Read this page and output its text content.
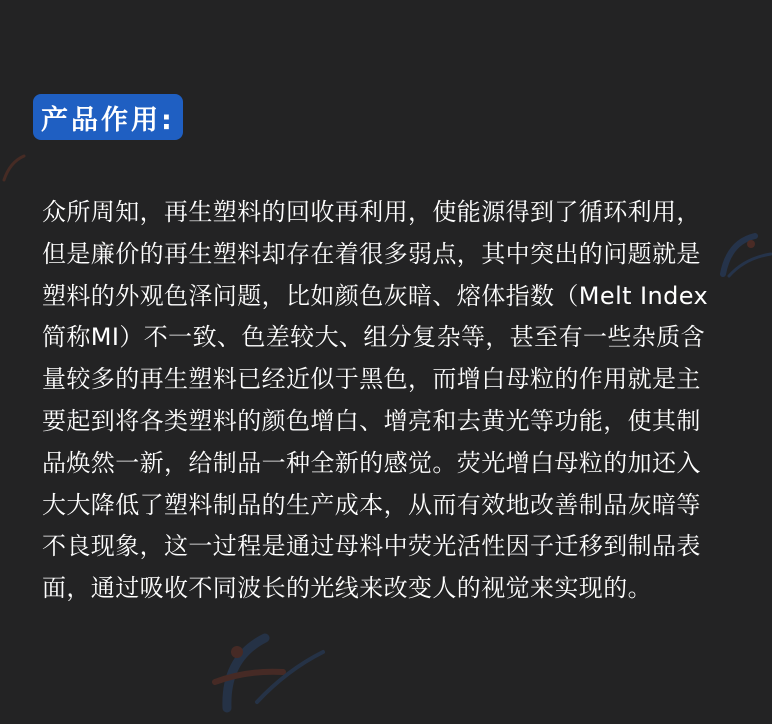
产品作用:
众所周知，再生塑料的回收再利用，使能源得到了循环利用，
但是廉价的再生塑料却存在着很多弱点，其中突出的问题就是
塑料的外观色泽问题，比如颜色灰暗、熔体指数（Melt Index
简称MI）不一致、色差较大、组分复杂等，甚至有一些杂质含
量较多的再生塑料已经近似于黑色，而增白母粒的作用就是主
要起到将各类塑料的颜色增白、增亮和去黄光等功能，使其制
品焕然一新，给制品一种全新的感觉。荧光增白母粒的加还入
大大降低了塑料制品的生产成本，从而有效地改善制品灰暗等
不良现象，这一过程是通过母料中荧光活性因子迁移到制品表
面，通过吸收不同波长的光线来改变人的视觉来实现的。
